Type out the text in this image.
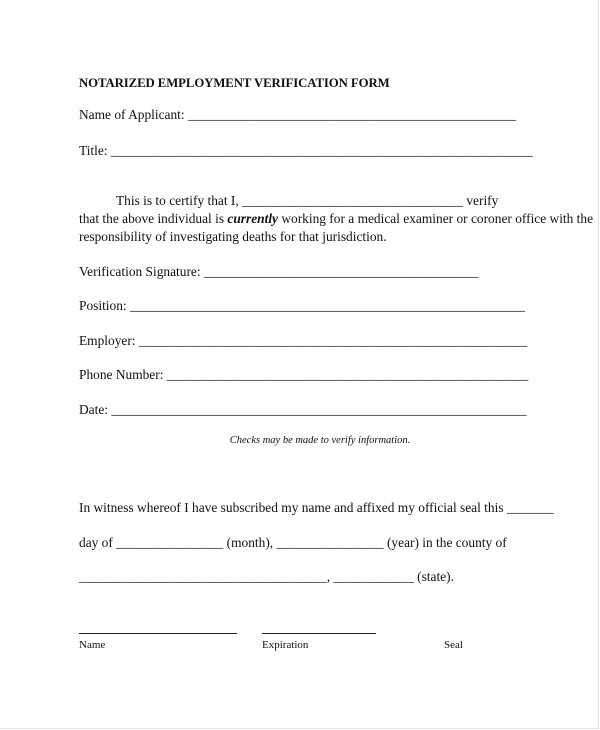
NOTARIZED EMPLOYMENT VERIFICATION FORM
Name of Applicant: _________________________________________________
Title: _______________________________________________________________
This is to certify that I, _________________________________ verify
that the above individual is currently working for a medical examiner or coroner office with the
responsibility of investigating deaths for that jurisdiction.
Verification Signature: _________________________________________
Position: ___________________________________________________________
Employer: __________________________________________________________
Phone Number: ______________________________________________________
Date: ______________________________________________________________
Checks may be made to verify information.
In witness whereof I have subscribed my name and affixed my official seal this _______
day of ________________ (month), ________________ (year) in the county of
_____________________________________, ____________ (state).
Name	Expiration	Seal
